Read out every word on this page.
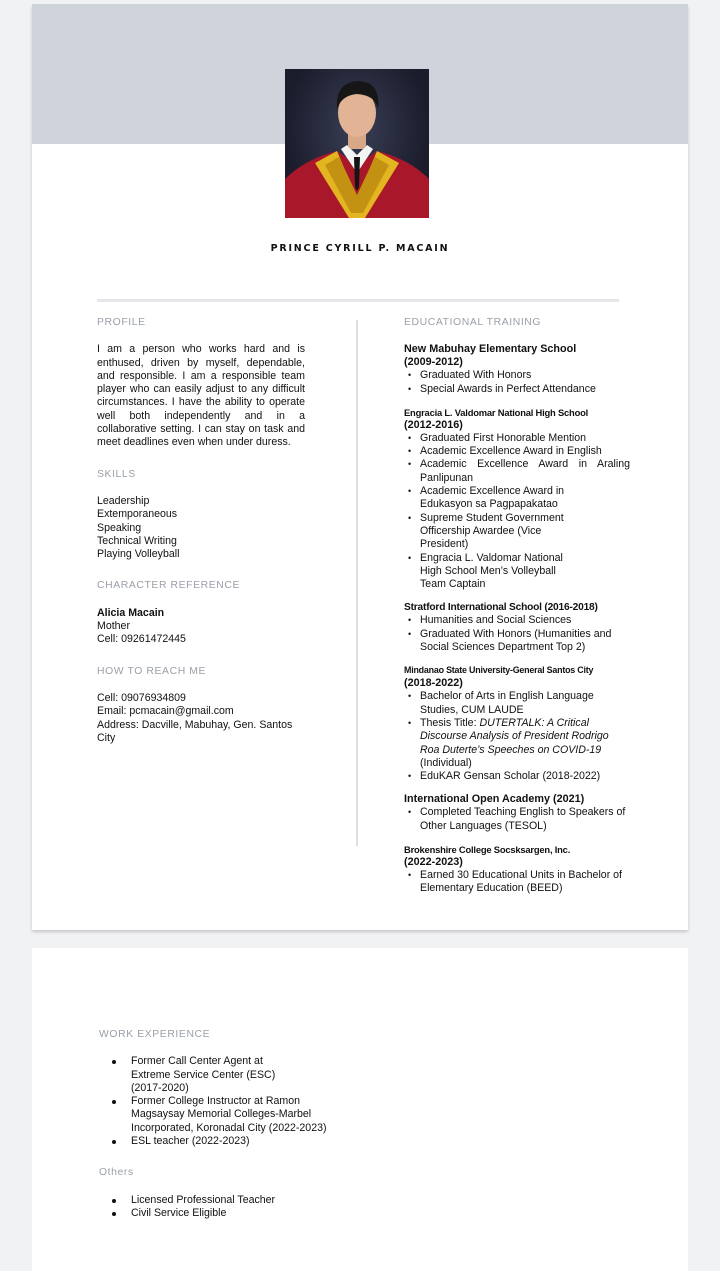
PRINCE CYRILL P. MACAIN
PROFILE
I am a person who works hard and is enthused, driven by myself, dependable, and responsible. I am a responsible team player who can easily adjust to any difficult circumstances. I have the ability to operate well both independently and in a collaborative setting. I can stay on task and meet deadlines even when under duress.
SKILLS
Leadership
Extemporaneous
Speaking
Technical Writing
Playing Volleyball
CHARACTER REFERENCE
Alicia Macain
Mother
Cell: 09261472445
HOW TO REACH ME
Cell: 09076934809
Email: pcmacain@gmail.com
Address: Dacville, Mabuhay, Gen. Santos City
EDUCATIONAL TRAINING
New Mabuhay Elementary School
(2009-2012)
• Graduated With Honors
• Special Awards in Perfect Attendance
Engracia L. Valdomar National High School
(2012-2016)
• Graduated First Honorable Mention
• Academic Excellence Award in English
• Academic Excellence Award in Araling Panlipunan
• Academic Excellence Award in Edukasyon sa Pagpapakatao
• Supreme Student Government Officership Awardee (Vice President)
• Engracia L. Valdomar National High School Men’s Volleyball Team Captain
Stratford International School (2016-2018)
• Humanities and Social Sciences
• Graduated With Honors (Humanities and Social Sciences Department Top 2)
Mindanao State University-General Santos City
(2018-2022)
• Bachelor of Arts in English Language Studies, CUM LAUDE
• Thesis Title: DUTERTALK: A Critical Discourse Analysis of President Rodrigo Roa Duterte’s Speeches on COVID-19 (Individual)
• EduKAR Gensan Scholar (2018-2022)
International Open Academy (2021)
• Completed Teaching English to Speakers of Other Languages (TESOL)
Brokenshire College Socsksargen, Inc.
(2022-2023)
• Earned 30 Educational Units in Bachelor of Elementary Education (BEED)
WORK EXPERIENCE
Former Call Center Agent at Extreme Service Center (ESC) (2017-2020)
Former College Instructor at Ramon Magsaysay Memorial Colleges-Marbel Incorporated, Koronadal City (2022-2023)
ESL teacher (2022-2023)
Others
Licensed Professional Teacher
Civil Service Eligible
